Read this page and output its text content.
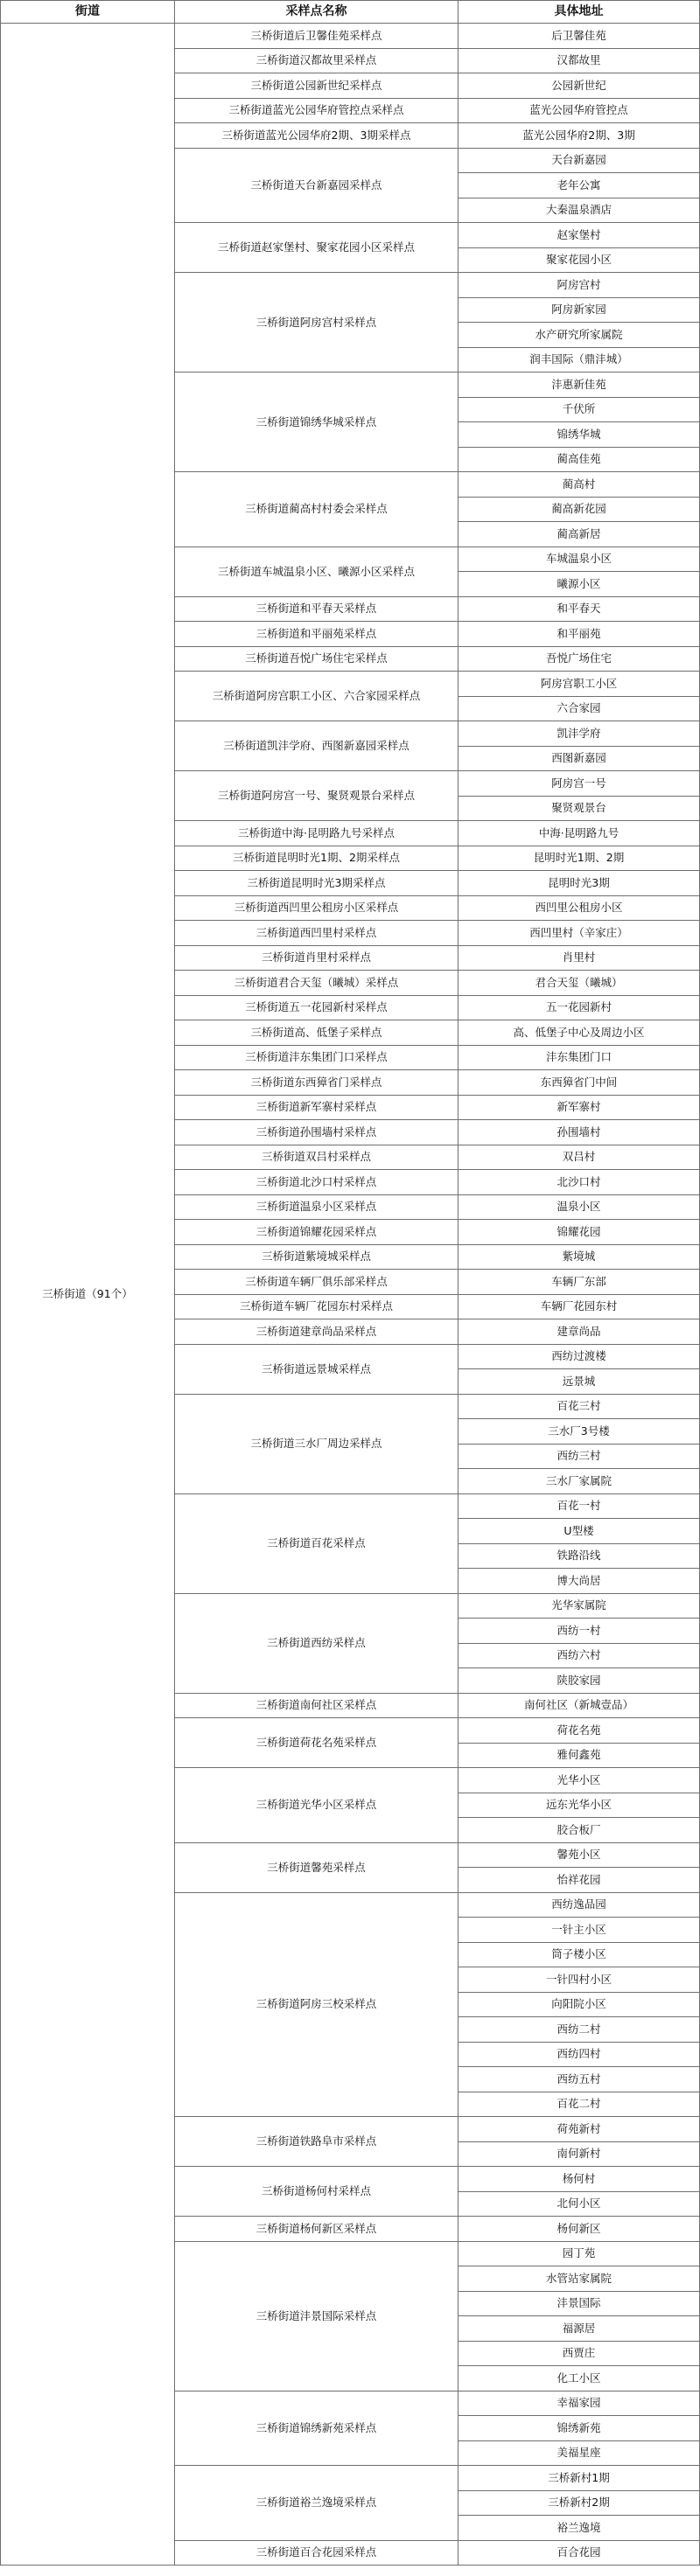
街道	采样点名称	具体地址
三桥街道（91个）	三桥街道后卫馨佳苑采样点	后卫馨佳苑
	三桥街道汉都故里采样点	汉都故里
	三桥街道公园新世纪采样点	公园新世纪
	三桥街道蓝光公园华府管控点采样点	蓝光公园华府管控点
	三桥街道蓝光公园华府2期、3期采样点	蓝光公园华府2期、3期
	三桥街道天台新嘉园采样点	天台新嘉园
		老年公寓
		大秦温泉酒店
	三桥街道赵家堡村、聚家花园小区采样点	赵家堡村
		聚家花园小区
	三桥街道阿房宫村采样点	阿房宫村
		阿房新家园
		水产研究所家属院
		润丰国际（鼎沣城）
	三桥街道锦绣华城采样点	沣惠新佳苑
		千伏所
		锦绣华城
		蔺高佳苑
	三桥街道蔺高村村委会采样点	蔺高村
		蔺高新花园
		蔺高新居
	三桥街道车城温泉小区、曦源小区采样点	车城温泉小区
		曦源小区
	三桥街道和平春天采样点	和平春天
	三桥街道和平丽苑采样点	和平丽苑
	三桥街道吾悦广场住宅采样点	吾悦广场住宅
	三桥街道阿房宫职工小区、六合家园采样点	阿房宫职工小区
		六合家园
	三桥街道凯沣学府、西图新嘉园采样点	凯沣学府
		西图新嘉园
	三桥街道阿房宫一号、聚贤观景台采样点	阿房宫一号
		聚贤观景台
	三桥街道中海·昆明路九号采样点	中海·昆明路九号
	三桥街道昆明时光1期、2期采样点	昆明时光1期、2期
	三桥街道昆明时光3期采样点	昆明时光3期
	三桥街道西凹里公租房小区采样点	西凹里公租房小区
	三桥街道西凹里村采样点	西凹里村（辛家庄）
	三桥街道肖里村采样点	肖里村
	三桥街道君合天玺（曦城）采样点	君合天玺（曦城）
	三桥街道五一花园新村采样点	五一花园新村
	三桥街道高、低堡子采样点	高、低堡子中心及周边小区
	三桥街道沣东集团门口采样点	沣东集团门口
	三桥街道东西獐省门采样点	东西獐省门中间
	三桥街道新军寨村采样点	新军寨村
	三桥街道孙围墙村采样点	孙围墙村
	三桥街道双吕村采样点	双吕村
	三桥街道北沙口村采样点	北沙口村
	三桥街道温泉小区采样点	温泉小区
	三桥街道锦耀花园采样点	锦耀花园
	三桥街道紫境城采样点	紫境城
	三桥街道车辆厂俱乐部采样点	车辆厂东部
	三桥街道车辆厂花园东村采样点	车辆厂花园东村
	三桥街道建章尚品采样点	建章尚品
	三桥街道远景城采样点	西纺过渡楼
		远景城
	三桥街道三水厂周边采样点	百花三村
		三水厂3号楼
		西纺三村
		三水厂家属院
	三桥街道百花采样点	百花一村
		U型楼
		铁路沿线
		博大尚居
	三桥街道西纺采样点	光华家属院
		西纺一村
		西纺六村
		陕胶家园
	三桥街道南何社区采样点	南何社区（新城壹品）
	三桥街道荷花名苑采样点	荷花名苑
		雅何鑫苑
	三桥街道光华小区采样点	光华小区
		远东光华小区
		胶合板厂
	三桥街道馨苑采样点	馨苑小区
		怡祥花园
	三桥街道阿房三校采样点	西纺逸品园
		一针主小区
		筒子楼小区
		一针四村小区
		向阳院小区
		西纺二村
		西纺四村
		西纺五村
		百花二村
	三桥街道铁路阜市采样点	荷苑新村
		南何新村
	三桥街道杨何村采样点	杨何村
		北何小区
	三桥街道杨何新区采样点	杨何新区
	三桥街道沣景国际采样点	园丁苑
		水管站家属院
		沣景国际
		福源居
		西贾庄
		化工小区
	三桥街道锦绣新苑采样点	幸福家园
		锦绣新苑
		美福星座
	三桥街道裕兰逸境采样点	三桥新村1期
		三桥新村2期
		裕兰逸境
	三桥街道百合花园采样点	百合花园
